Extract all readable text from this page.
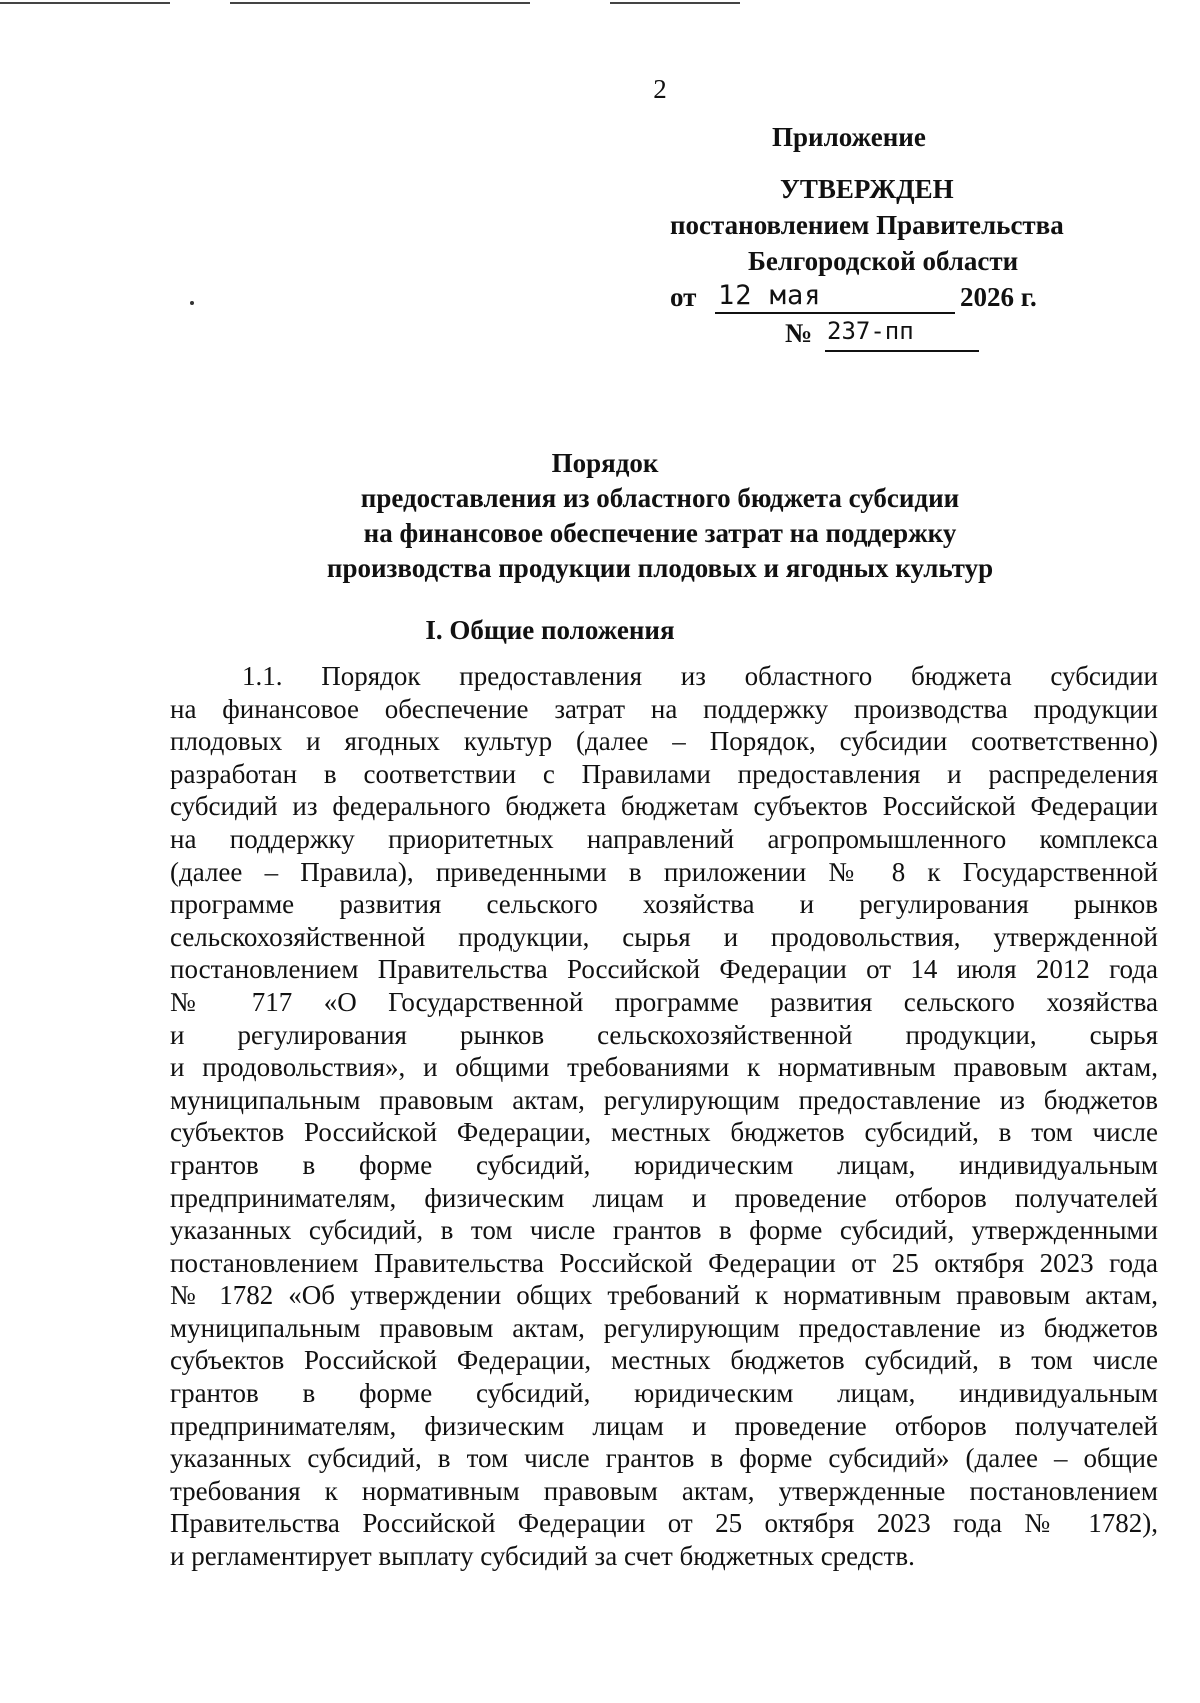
2
Приложение
УТВЕРЖДЕН
постановлением Правительства
Белгородской области
от 12 мая	2026 г.
№ 237-пп
Порядок
предоставления из областного бюджета субсидии
на финансовое обеспечение затрат на поддержку
производства продукции плодовых и ягодных культур
I. Общие положения
1.1. Порядок предоставления из областного бюджета субсидии
на финансовое обеспечение затрат на поддержку производства продукции
плодовых и ягодных культур (далее – Порядок, субсидии соответственно)
разработан в соответствии с Правилами предоставления и распределения
субсидий из федерального бюджета бюджетам субъектов Российской Федерации
на поддержку приоритетных направлений агропромышленного комплекса
(далее – Правила), приведенными в приложении № 8 к Государственной
программе развития сельского хозяйства и регулирования рынков
сельскохозяйственной продукции, сырья и продовольствия, утвержденной
постановлением Правительства Российской Федерации от 14 июля 2012 года
№ 717 «О Государственной программе развития сельского хозяйства
и регулирования рынков сельскохозяйственной продукции, сырья
и продовольствия», и общими требованиями к нормативным правовым актам,
муниципальным правовым актам, регулирующим предоставление из бюджетов
субъектов Российской Федерации, местных бюджетов субсидий, в том числе
грантов в форме субсидий, юридическим лицам, индивидуальным
предпринимателям, физическим лицам и проведение отборов получателей
указанных субсидий, в том числе грантов в форме субсидий, утвержденными
постановлением Правительства Российской Федерации от 25 октября 2023 года
№ 1782 «Об утверждении общих требований к нормативным правовым актам,
муниципальным правовым актам, регулирующим предоставление из бюджетов
субъектов Российской Федерации, местных бюджетов субсидий, в том числе
грантов в форме субсидий, юридическим лицам, индивидуальным
предпринимателям, физическим лицам и проведение отборов получателей
указанных субсидий, в том числе грантов в форме субсидий» (далее – общие
требования к нормативным правовым актам, утвержденные постановлением
Правительства Российской Федерации от 25 октября 2023 года № 1782),
и регламентирует выплату субсидий за счет бюджетных средств.
